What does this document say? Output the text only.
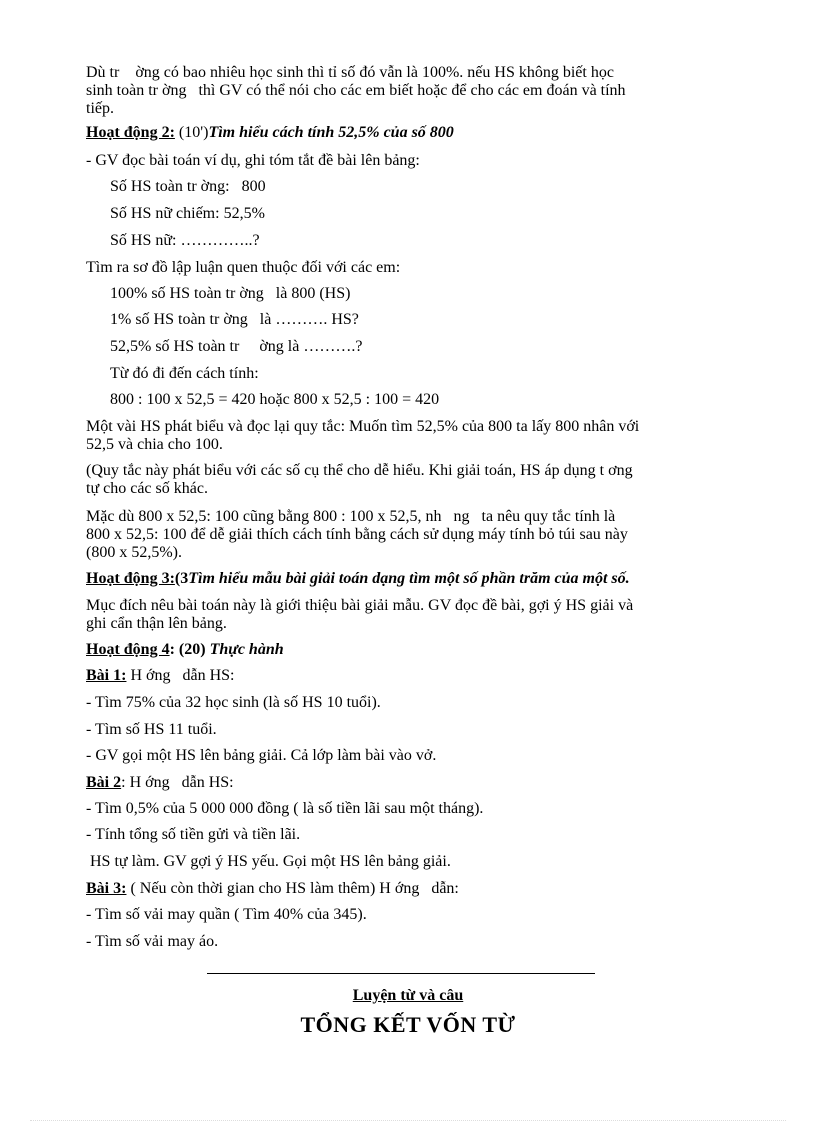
Dù tr    ờng có bao nhiêu học sinh thì tỉ số đó vẫn là 100%. nếu HS không biết học
sinh toàn tr ờng   thì GV có thể nói cho các em biết hoặc để cho các em đoán và tính
tiếp.
Hoạt động 2: (10')Tìm hiểu cách tính 52,5% của số 800
- GV đọc bài toán ví dụ, ghi tóm tắt đề bài lên bảng:
Số HS toàn tr ờng:   800
Số HS nữ chiếm: 52,5%
Số HS nữ: …………..?
Tìm ra sơ đồ lập luận quen thuộc đối với các em:
100% số HS toàn tr ờng   là 800 (HS)
1% số HS toàn tr ờng   là ………. HS?
52,5% số HS toàn tr     ờng là ……….?
Từ đó đi đến cách tính:
800 : 100 x 52,5 = 420 hoặc 800 x 52,5 : 100 = 420
Một vài HS phát biểu và đọc lại quy tắc: Muốn tìm 52,5% của 800 ta lấy 800 nhân với
52,5 và chia cho 100.
(Quy tắc này phát biểu với các số cụ thể cho dễ hiểu. Khi giải toán, HS áp dụng t ơng
tự cho các số khác.
Mặc dù 800 x 52,5: 100 cũng bằng 800 : 100 x 52,5, nh   ng   ta nêu quy tắc tính là
800 x 52,5: 100 để dễ giải thích cách tính bằng cách sử dụng máy tính bỏ túi sau này
(800 x 52,5%).
Hoạt động 3:(3Tìm hiểu mẫu bài giải toán dạng tìm một số phần trăm của một số.
Mục đích nêu bài toán này là giới thiệu bài giải mẫu. GV đọc đề bài, gợi ý HS giải và
ghi cẩn thận lên bảng.
Hoạt động 4: (20) Thực hành
Bài 1: H ớng   dẫn HS:
- Tìm 75% của 32 học sinh (là số HS 10 tuổi).
- Tìm số HS 11 tuổi.
- GV gọi một HS lên bảng giải. Cả lớp làm bài vào vở.
Bài 2: H ớng   dẫn HS:
- Tìm 0,5% của 5 000 000 đồng ( là số tiền lãi sau một tháng).
- Tính tổng số tiền gửi và tiền lãi.
HS tự làm. GV gợi ý HS yếu. Gọi một HS lên bảng giải.
Bài 3: ( Nếu còn thời gian cho HS làm thêm) H ớng   dẫn:
- Tìm số vải may quần ( Tìm 40% của 345).
- Tìm số vải may áo.
Luyện từ và câu
TỔNG KẾT VỐN TỪ
